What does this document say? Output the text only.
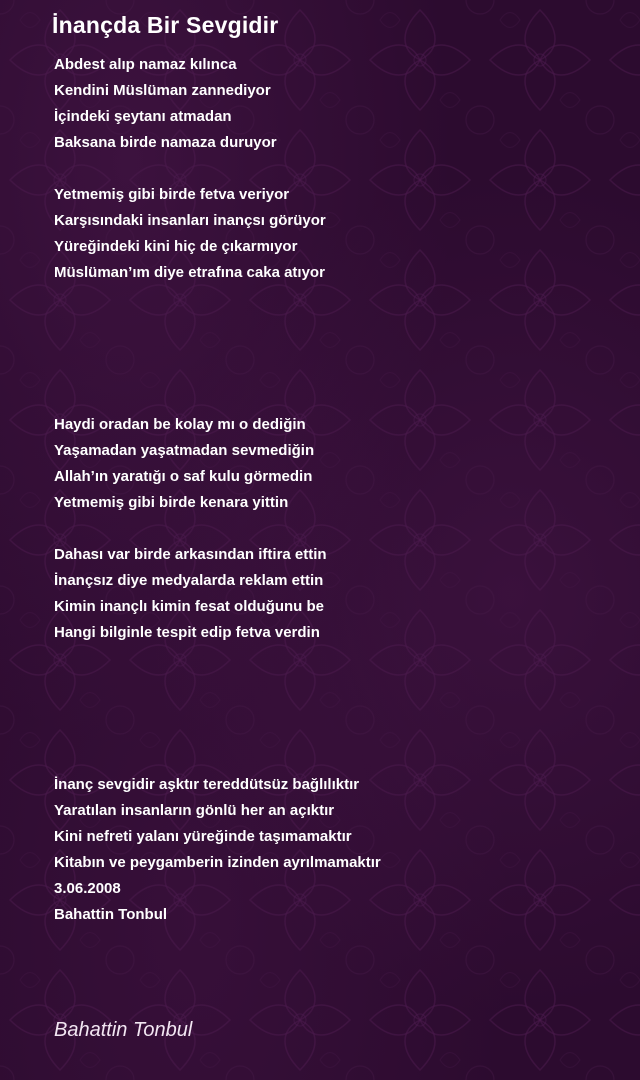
İnançda Bir Sevgidir
Abdest alıp namaz kılınca
Kendini Müslüman zannediyor
İçindeki şeytanı atmadan
Baksana birde namaza duruyor
Yetmemiş gibi birde fetva veriyor
Karşısındaki insanları inançsı görüyor
Yüreğindeki kini hiç de çıkarmıyor
Müslüman’ım diye etrafına caka atıyor
Haydi oradan be kolay mı o dediğin
Yaşamadan yaşatmadan sevmediğin
Allah’ın yaratığı o saf kulu görmedin
Yetmemiş gibi birde kenara yittin
Dahası var birde arkasından iftira ettin
İnançsız diye medyalarda reklam ettin
Kimin inançlı kimin fesat olduğunu be
Hangi bilginle tespit edip fetva verdin
İnanç sevgidir aşktır tereddütsüz bağlılıktır
Yaratılan insanların gönlü her an açıktır
Kini nefreti yalanı yüreğinde taşımamaktır
Kitabın ve peygamberin izinden ayrılmamaktır
3.06.2008
Bahattin Tonbul
Bahattin Tonbul
